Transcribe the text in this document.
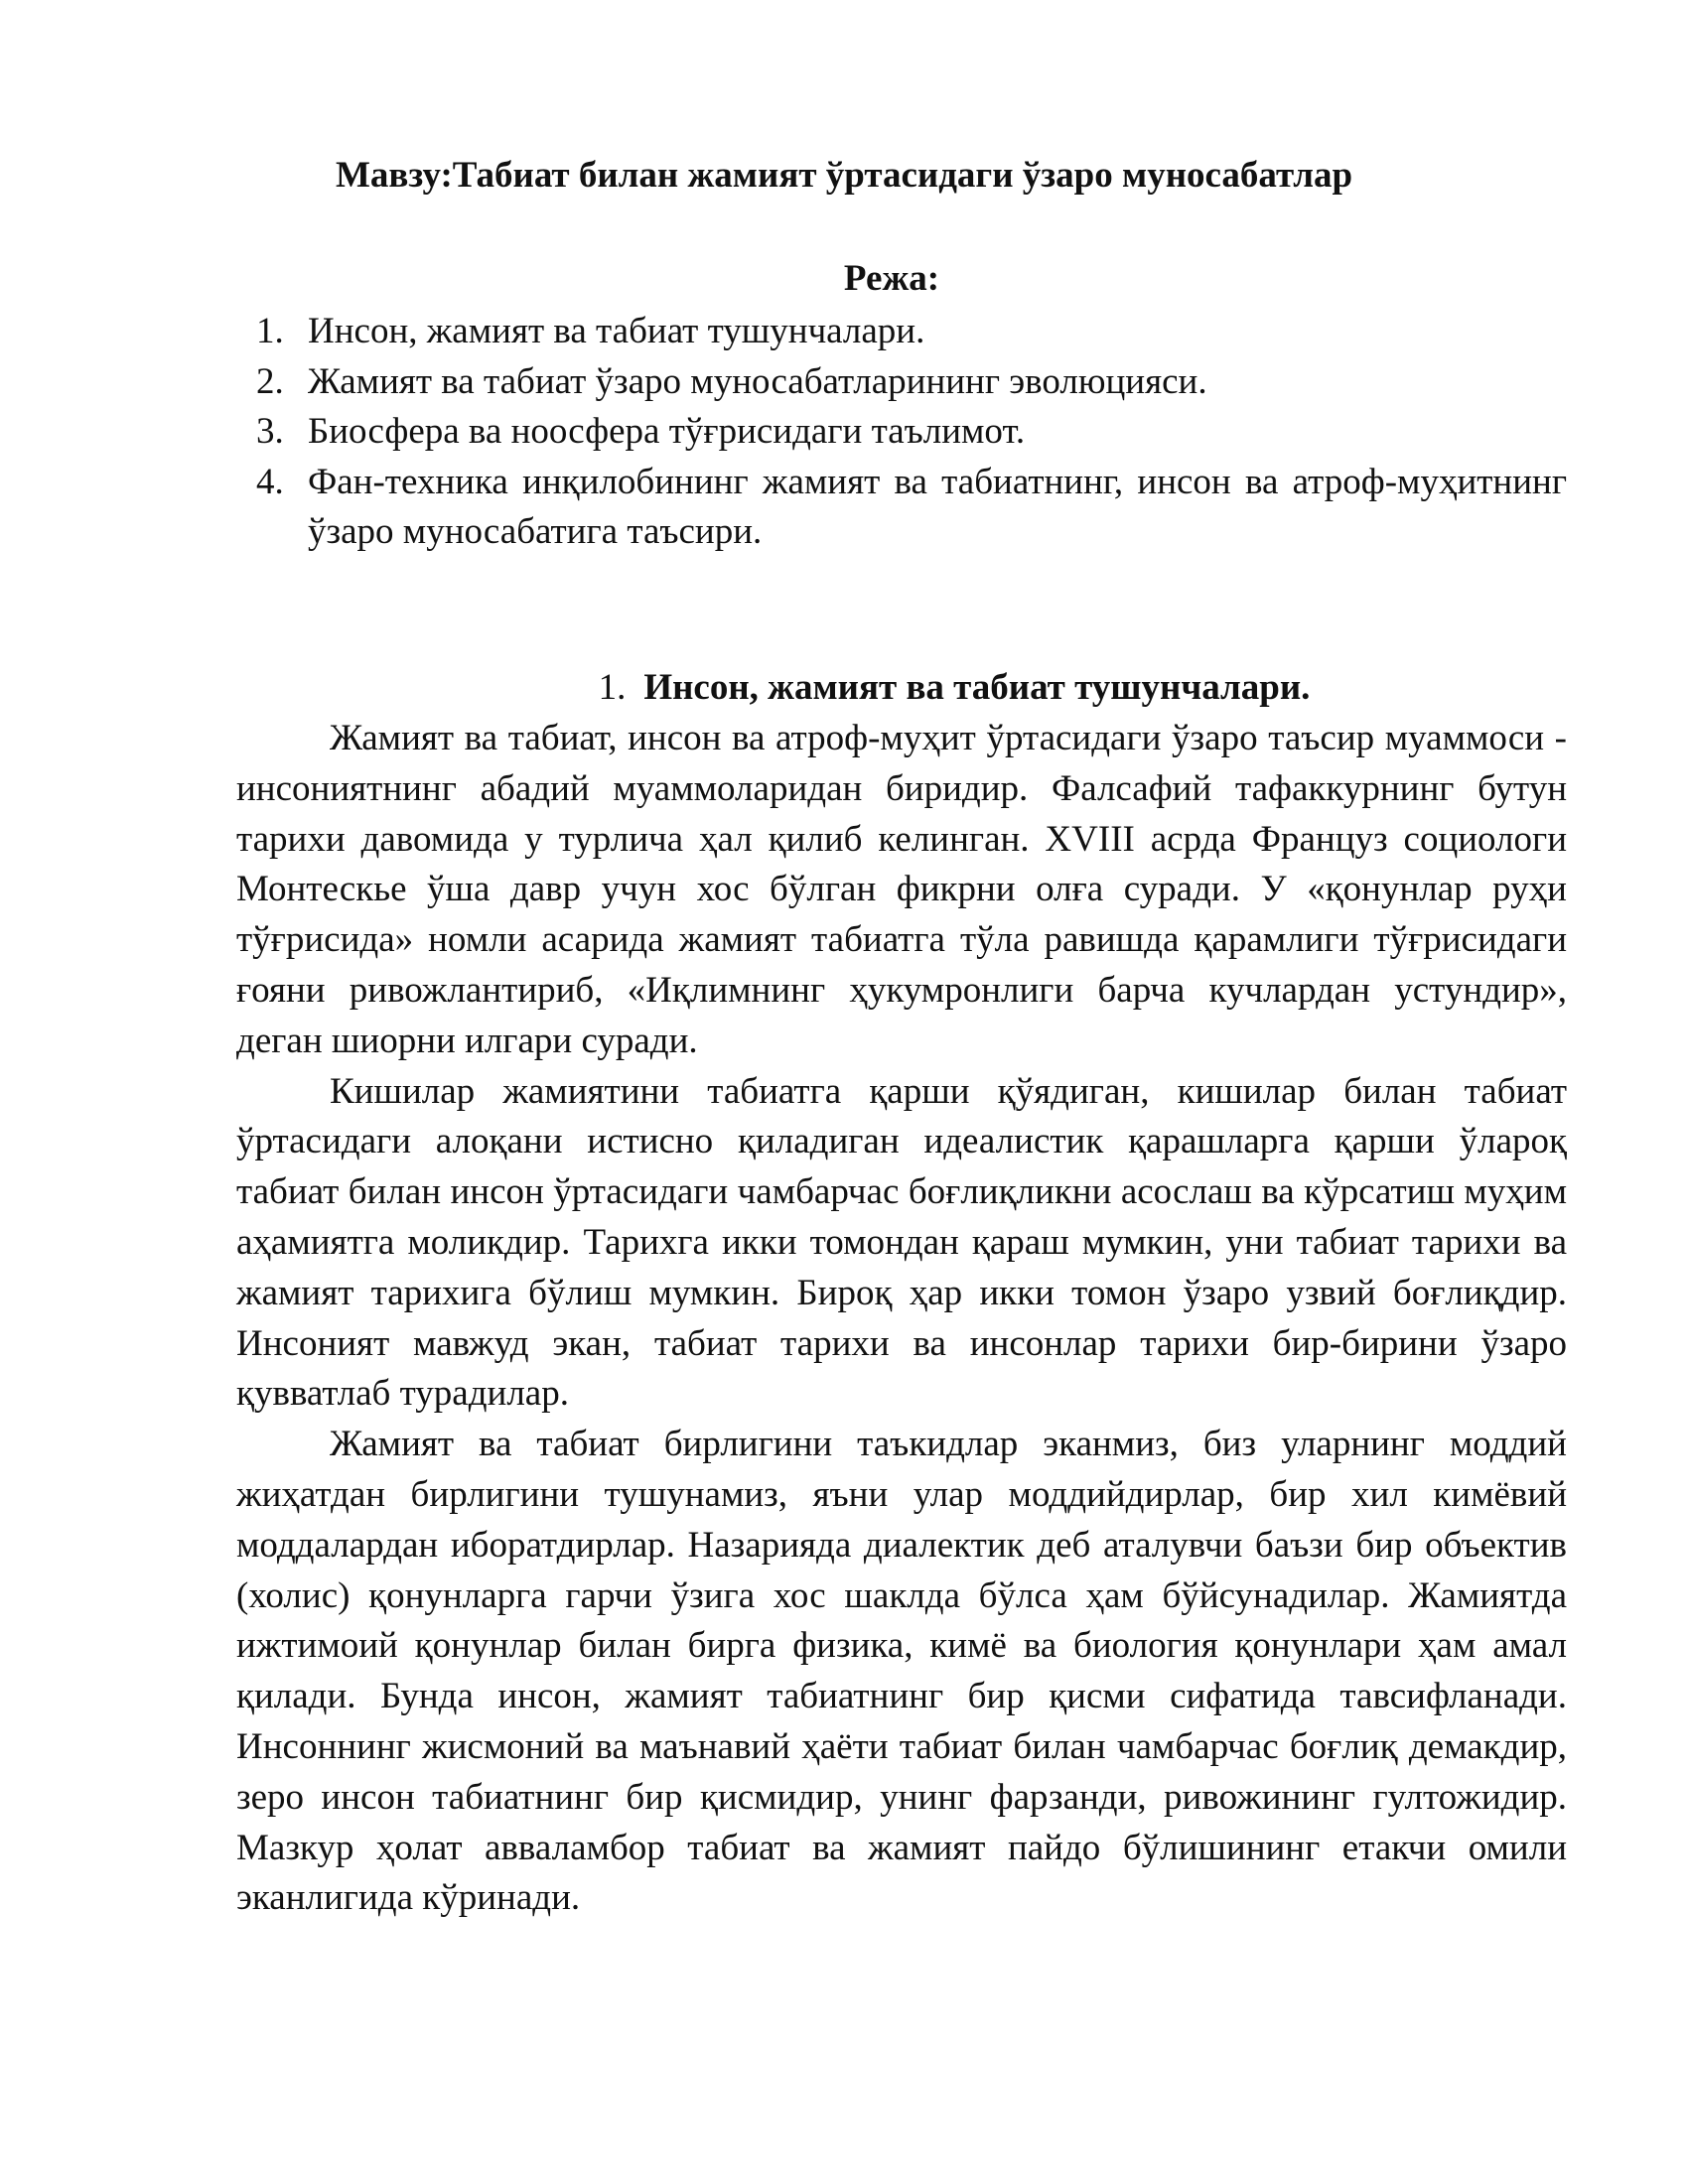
Мавзу:Табиат билан жамият ўртасидаги ўзаро муносабатлар
Режа:
1. Инсон, жамият ва табиат тушунчалари.
2. Жамият ва табиат ўзаро муносабатларининг эволюцияси.
3. Биосфера ва ноосфера тўғрисидаги таълимот.
4. Фан-техника инқилобининг жамият ва табиатнинг, инсон ва атроф-муҳитнинг ўзаро муносабатига таъсири.
1. Инсон, жамият ва табиат тушунчалари.

Жамият ва табиат, инсон ва атроф-муҳит ўртасидаги ўзаро таъсир муаммоси - инсониятнинг абадий муаммоларидан биридир. Фалсафий тафаккурнинг бутун тарихи давомида у турлича ҳал қилиб келинган. XVIII асрда Француз социологи Монтескье ўша давр учун хос бўлган фикрни олға суради. У «қонунлар руҳи тўғрисида» номли асарида жамият табиатга тўла равишда қарамлиги тўғрисидаги ғояни ривожлантириб, «Иқлимнинг ҳукумронлиги барча кучлардан устундир», деган шиорни илгари суради.

Кишилар жамиятини табиатга қарши қўядиган, кишилар билан табиат ўртасидаги алоқани истисно қиладиган идеалистик қарашларга қарши ўлароқ табиат билан инсон ўртасидаги чамбарчас боғлиқликни асослаш ва кўрсатиш муҳим аҳамиятга моликдир. Тарихга икки томондан қараш мумкин, уни табиат тарихи ва жамият тарихига бўлиш мумкин. Бироқ ҳар икки томон ўзаро узвий боғлиқдир. Инсоният мавжуд экан, табиат тарихи ва инсонлар тарихи бир-бирини ўзаро қувватлаб турадилар.

Жамият ва табиат бирлигини таъкидлар эканмиз, биз уларнинг моддий жиҳатдан бирлигини тушунамиз, яъни улар моддийдирлар, бир хил кимёвий моддалардан иборатдирлар. Назарияда диалектик деб аталувчи баъзи бир объектив (холис) қонунларга гарчи ўзига хос шаклда бўлса ҳам бўйсунадилар. Жамиятда ижтимоий қонунлар билан бирга физика, кимё ва биология қонунлари ҳам амал қилади. Бунда инсон, жамият табиатнинг бир қисми сифатида тавсифланади. Инсоннинг жисмоний ва маънавий ҳаёти табиат билан чамбарчас боғлиқ демакдир, зеро инсон табиатнинг бир қисмидир, унинг фарзанди, ривожининг гултожидир. Мазкур ҳолат авваламбор табиат ва жамият пайдо бўлишининг етакчи омили эканлигида кўринади.
